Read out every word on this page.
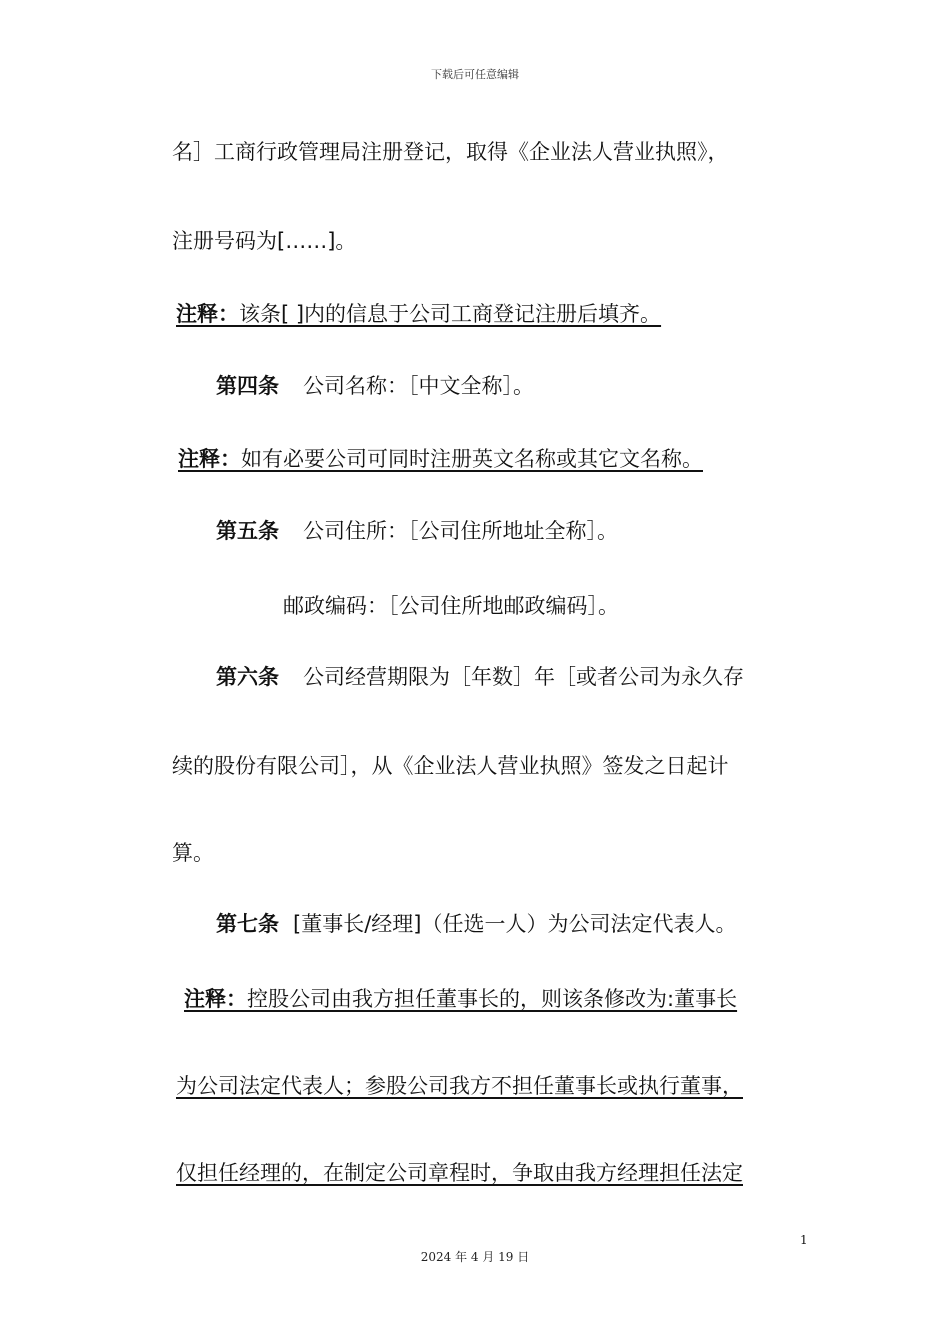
下载后可任意编辑
名］工商行政管理局注册登记，取得《企业法人营业执照》，
注册号码为[……]。
注释：该条[ ]内的信息于公司工商登记注册后填齐。
第四条 公司名称：［中文全称］。
注释：如有必要公司可同时注册英文名称或其它文名称。
第五条 公司住所：［公司住所地址全称］。
邮政编码：［公司住所地邮政编码］。
第六条 公司经营期限为［年数］年［或者公司为永久存
续的股份有限公司］，从《企业法人营业执照》签发之日起计
算。
第七条 [董事长/经理]（任选一人）为公司法定代表人。
注释：控股公司由我方担任董事长的，则该条修改为:董事长
为公司法定代表人；参股公司我方不担任董事长或执行董事，
仅担任经理的，在制定公司章程时，争取由我方经理担任法定
1
2024 年 4 月 19 日
